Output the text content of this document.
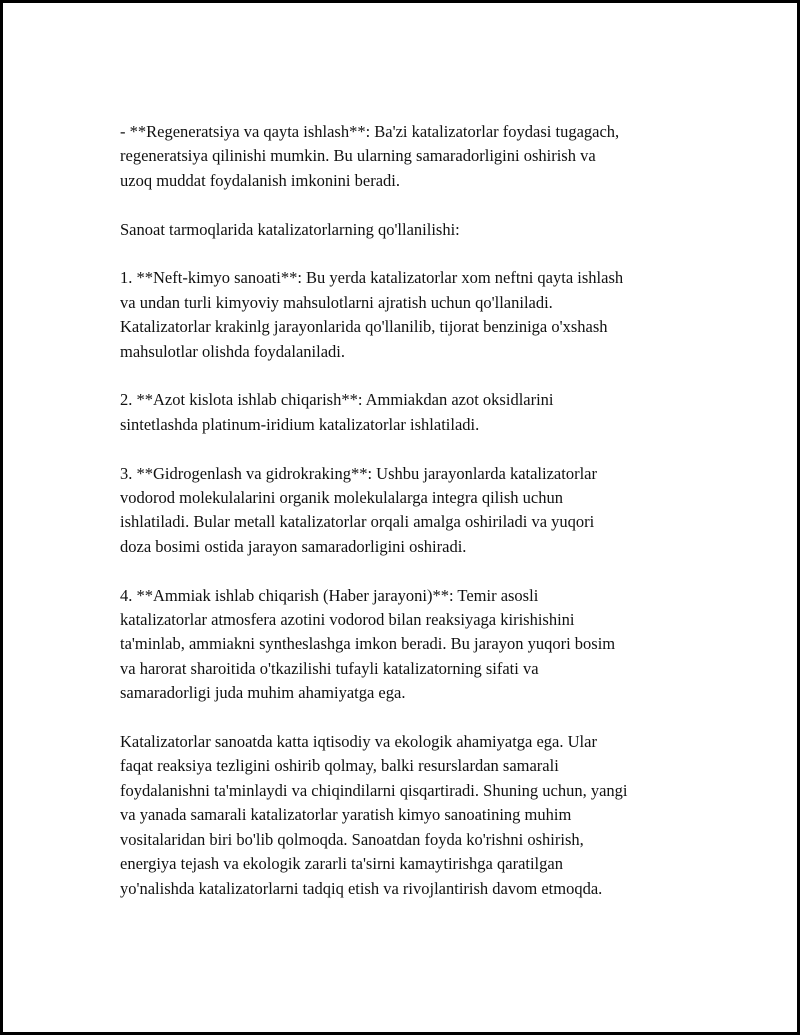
- **Regeneratsiya va qayta ishlash**: Ba'zi katalizatorlar foydasi tugagach,
regeneratsiya qilinishi mumkin. Bu ularning samaradorligini oshirish va
uzoq muddat foydalanish imkonini beradi.

Sanoat tarmoqlarida katalizatorlarning qo'llanilishi:

1. **Neft-kimyo sanoati**: Bu yerda katalizatorlar xom neftni qayta ishlash
va undan turli kimyoviy mahsulotlarni ajratish uchun qo'llaniladi.
Katalizatorlar krakinlg jarayonlarida qo'llanilib, tijorat benziniga o'xshash
mahsulotlar olishda foydalaniladi.

2. **Azot kislota ishlab chiqarish**: Ammiakdan azot oksidlarini
sintetlashda platinum-iridium katalizatorlar ishlatiladi.

3. **Gidrogenlash va gidrokraking**: Ushbu jarayonlarda katalizatorlar
vodorod molekulalarini organik molekulalarga integra qilish uchun
ishlatiladi. Bular metall katalizatorlar orqali amalga oshiriladi va yuqori
doza bosimi ostida jarayon samaradorligini oshiradi.

4. **Ammiak ishlab chiqarish (Haber jarayoni)**: Temir asosli
katalizatorlar atmosfera azotini vodorod bilan reaksiyaga kirishishini
ta'minlab, ammiakni syntheslashga imkon beradi. Bu jarayon yuqori bosim
va harorat sharoitida o'tkazilishi tufayli katalizatorning sifati va
samaradorligi juda muhim ahamiyatga ega.

Katalizatorlar sanoatda katta iqtisodiy va ekologik ahamiyatga ega. Ular
faqat reaksiya tezligini oshirib qolmay, balki resurslardan samarali
foydalanishni ta'minlaydi va chiqindilarni qisqartiradi. Shuning uchun, yangi
va yanada samarali katalizatorlar yaratish kimyo sanoatining muhim
vositalaridan biri bo'lib qolmoqda. Sanoatdan foyda ko'rishni oshirish,
energiya tejash va ekologik zararli ta'sirni kamaytirishga qaratilgan
yo'nalishda katalizatorlarni tadqiq etish va rivojlantirish davom etmoqda.
